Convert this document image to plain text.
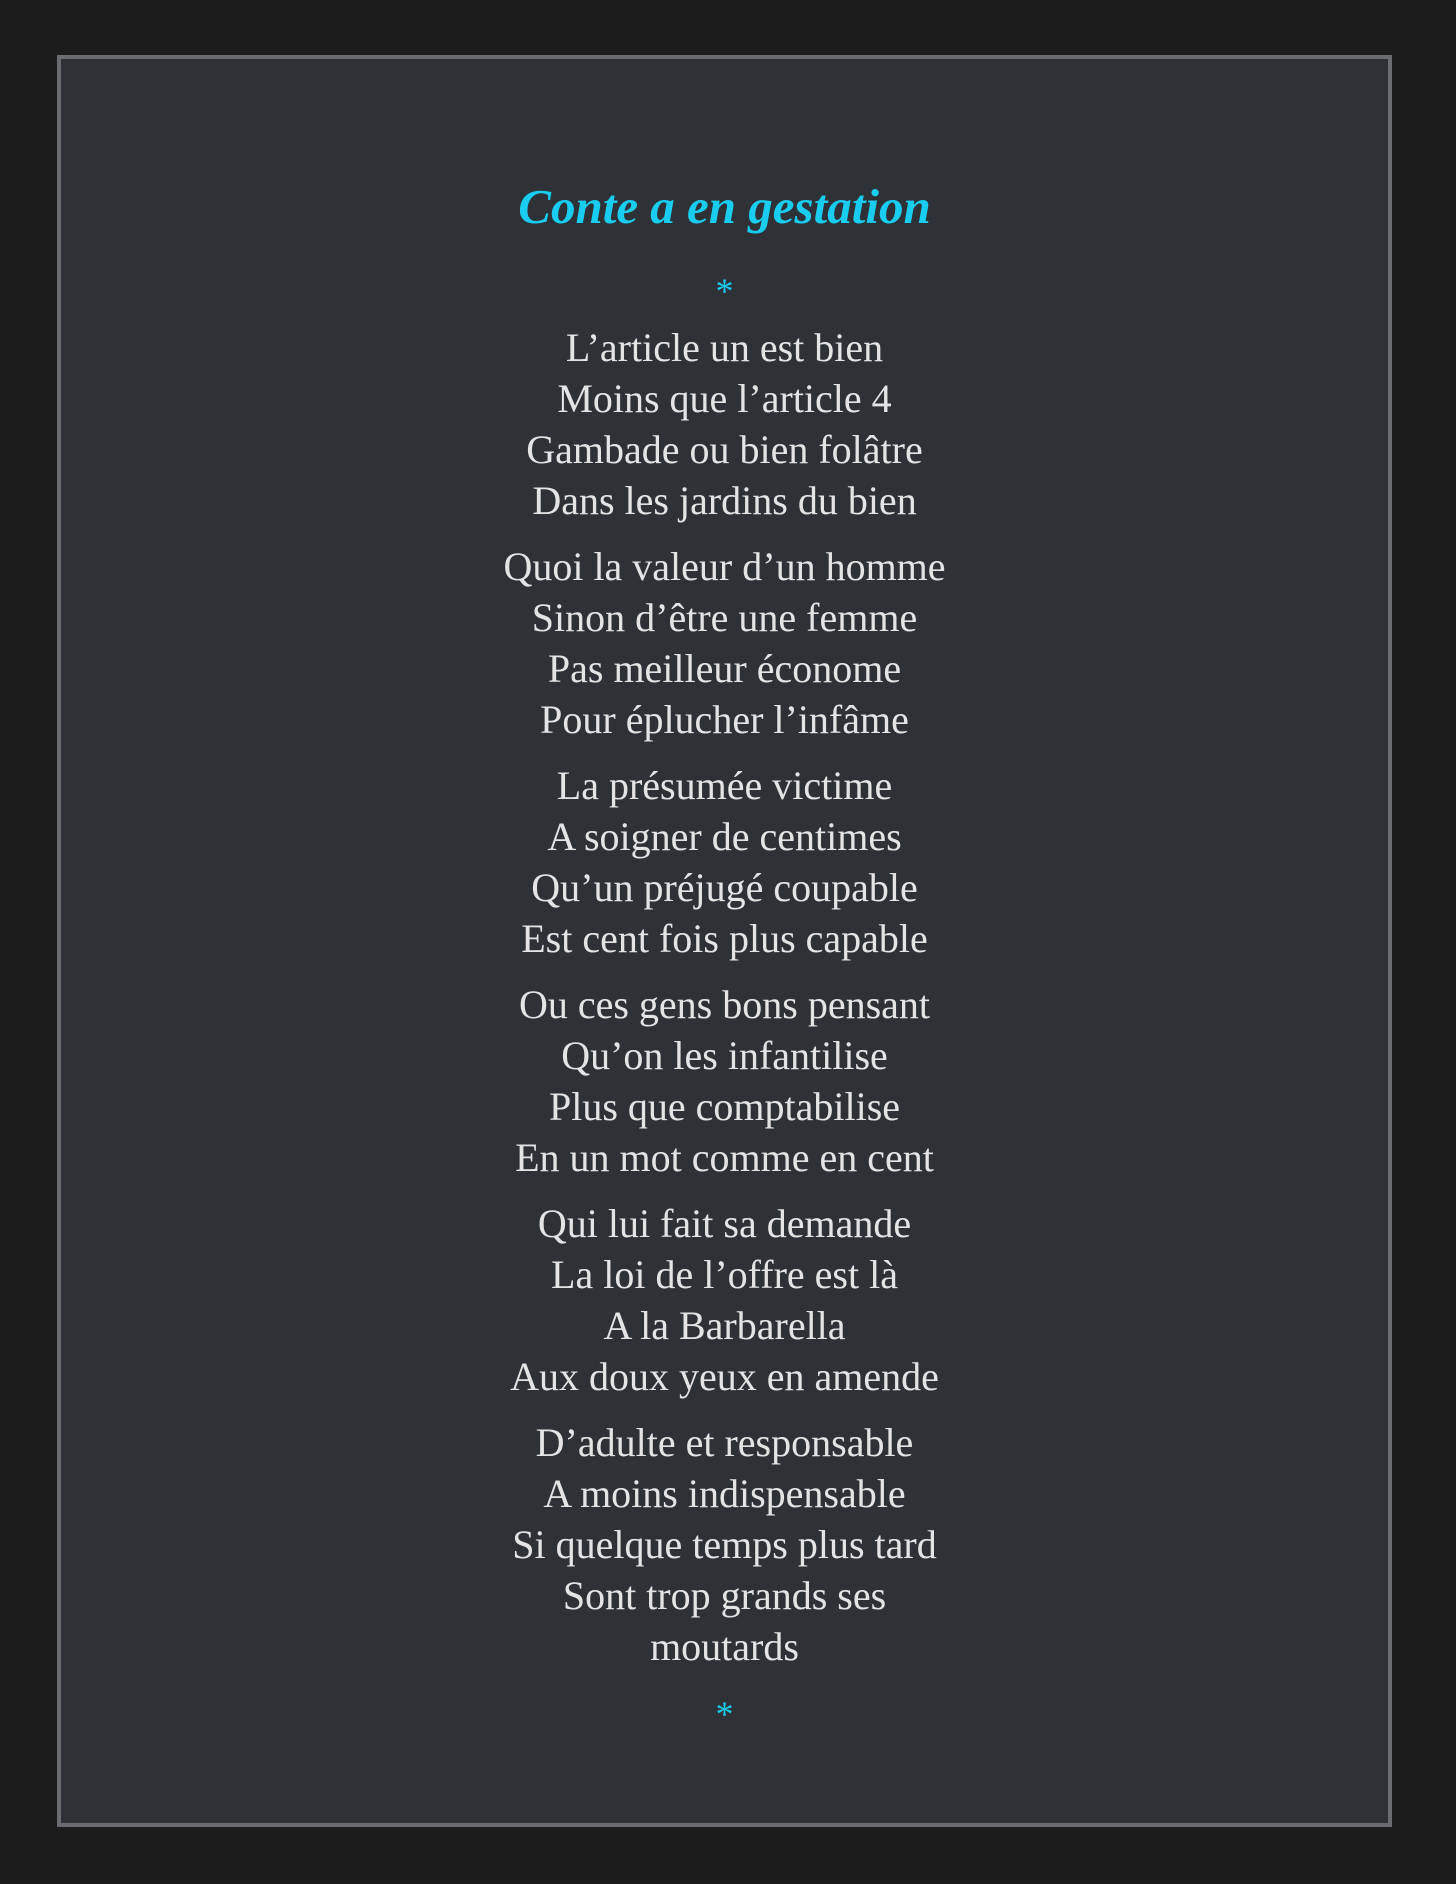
Conte a en gestation
*
L’article un est bien
Moins que l’article 4
Gambade ou bien folâtre
Dans les jardins du bien
Quoi la valeur d’un homme
Sinon d’être une femme
Pas meilleur économe
Pour éplucher l’infâme
La présumée victime
A soigner de centimes
Qu’un préjugé coupable
Est cent fois plus capable
Ou ces gens bons pensant
Qu’on les infantilise
Plus que comptabilise
En un mot comme en cent
Qui lui fait sa demande
La loi de l’offre est là
A la Barbarella
Aux doux yeux en amende
D’adulte et responsable
A moins indispensable
Si quelque temps plus tard
Sont trop grands ses
moutards
*
